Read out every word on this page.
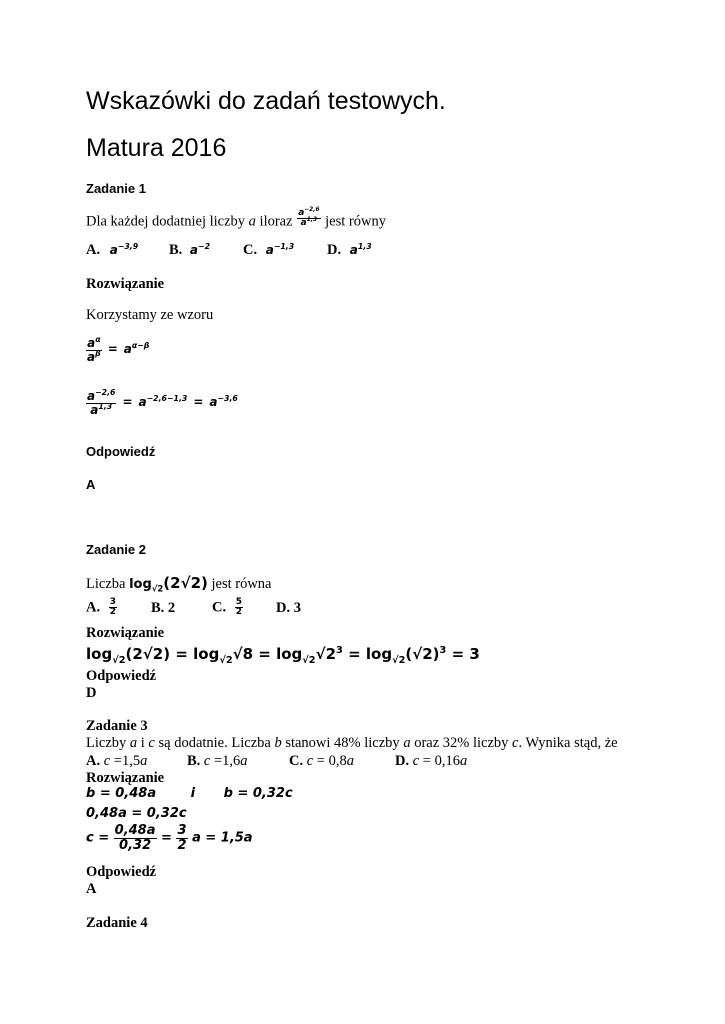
Wskazówki do zadań testowych.
Matura 2016
Zadanie 1
Dla każdej dodatniej liczby a iloraz $\frac{a^{-2,6}}{a^{1,3}}$ jest równy
A. $a^{-3,9}$ B. $a^{-2}$ C. $a^{-1,3}$ D. $a^{1,3}$
Rozwiązanie
Korzystamy ze wzoru
$\frac{a^\alpha}{a^\beta} = a^{\alpha-\beta}$
$\frac{a^{-2,6}}{a^{1,3}} = a^{-2,6-1,3} = a^{-3,6}$
Odpowiedź
A
Zadanie 2
Liczba $\log_{√2}(2√2)$ jest równa
A. $\frac{3}{2} B$. 2	C. $\frac{5}{2} D$. 3
Rozwiązanie
$\log_{√2}(2√2) = \log_{√2}√8 = \log_{√2}√2^3 = \log_{√2}(√2)^3 = 3$
Odpowiedź
D
Zadanie 3
Liczby a i c są dodatnie. Liczba b stanowi 48% liczby a oraz 32% liczby c. Wynika stąd, że
A. c =1,5a	B. c =1,6a	C. c = 0,8a	D. c = 0,16a
Rozwiązanie
b = 0,48a	i b = 0,32c
0,48a = 0,32c
$c = \frac{0,48a}{0,32} = \frac{3}{2}$ a = 1,5a
Odpowiedź
A
Zadanie 4
